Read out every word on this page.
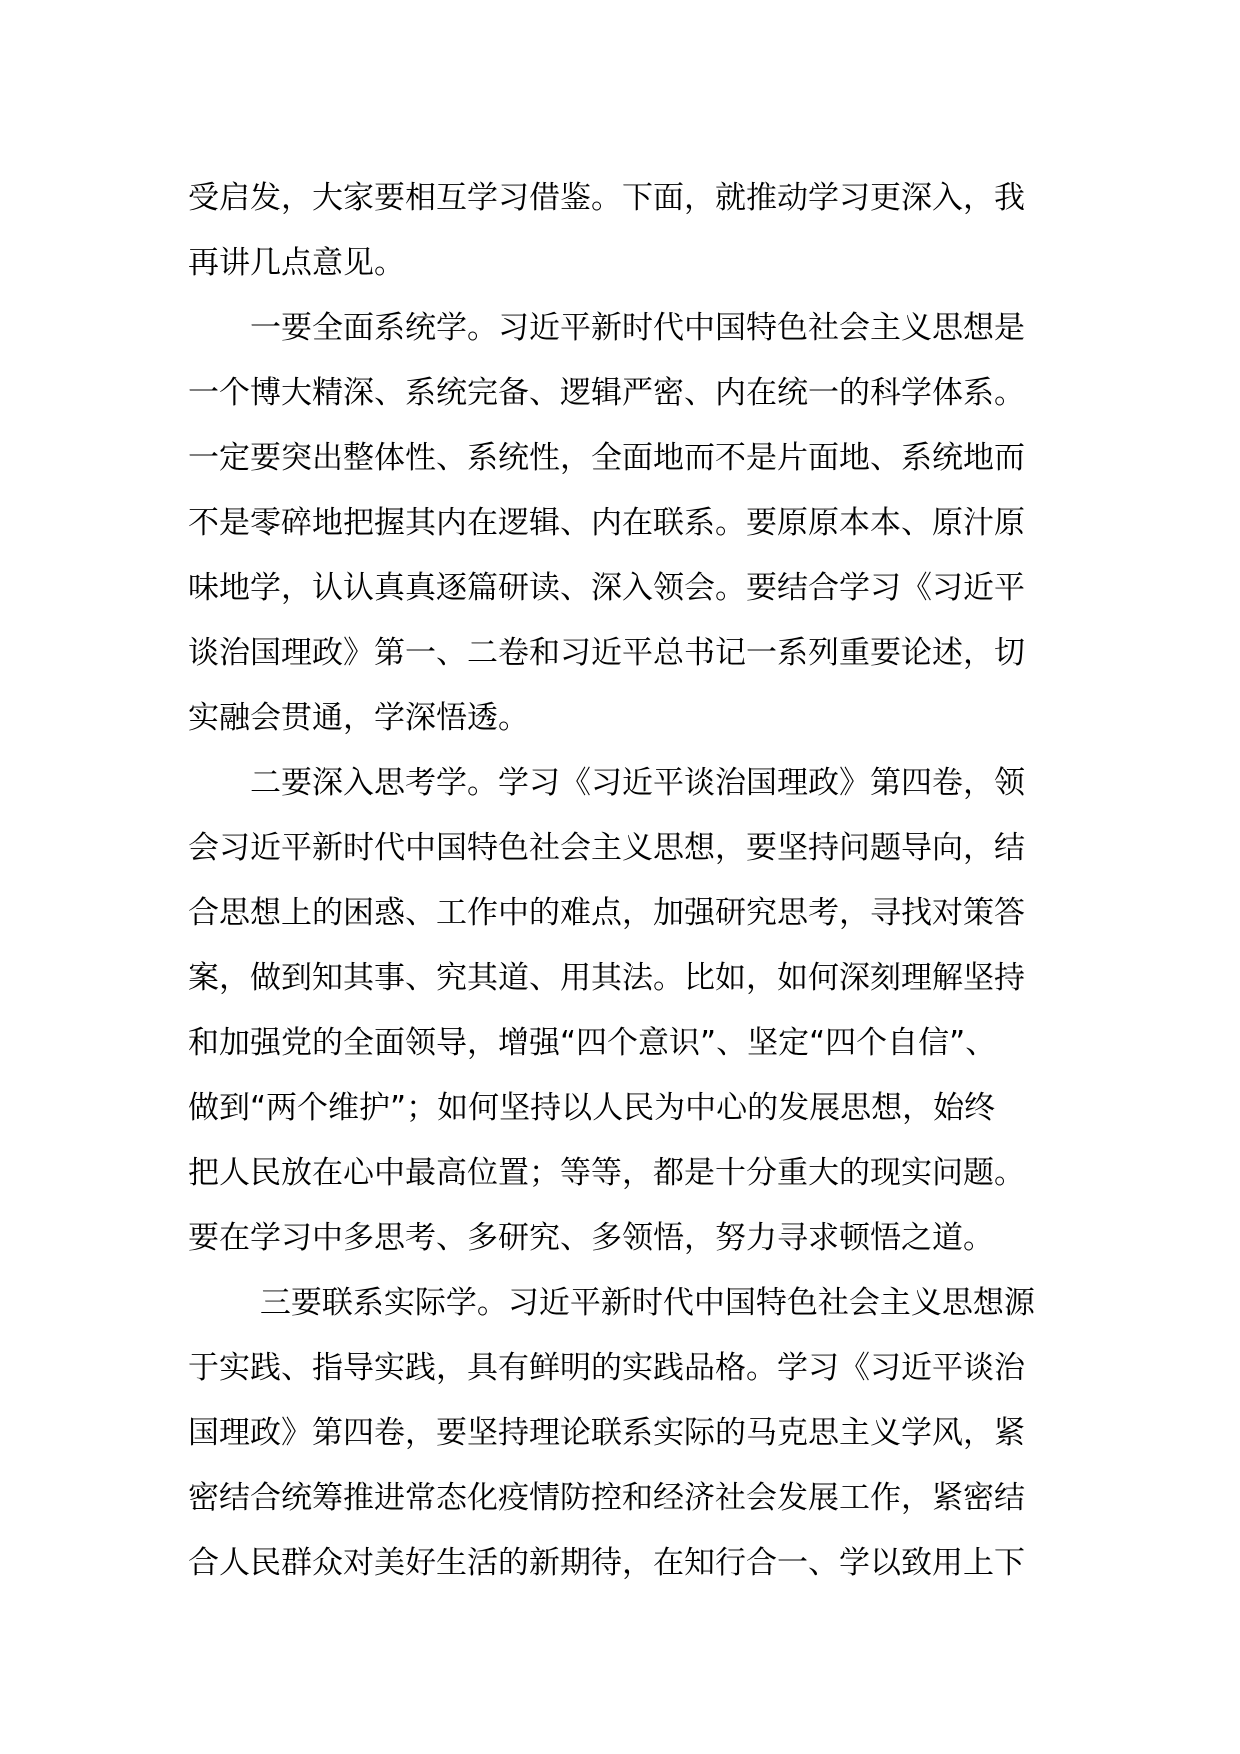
受启发，大家要相互学习借鉴。下面，就推动学习更深入，我
再讲几点意见。

　　一要全面系统学。习近平新时代中国特色社会主义思想是
一个博大精深、系统完备、逻辑严密、内在统一的科学体系。
一定要突出整体性、系统性，全面地而不是片面地、系统地而
不是零碎地把握其内在逻辑、内在联系。要原原本本、原汁原
味地学，认认真真逐篇研读、深入领会。要结合学习《习近平
谈治国理政》第一、二卷和习近平总书记一系列重要论述，切
实融会贯通，学深悟透。

　　二要深入思考学。学习《习近平谈治国理政》第四卷，领
会习近平新时代中国特色社会主义思想，要坚持问题导向，结
合思想上的困惑、工作中的难点，加强研究思考，寻找对策答
案，做到知其事、究其道、用其法。比如，如何深刻理解坚持
和加强党的全面领导，增强“四个意识”、坚定“四个自信”、
做到“两个维护”；如何坚持以人民为中心的发展思想，始终
把人民放在心中最高位置；等等，都是十分重大的现实问题。
要在学习中多思考、多研究、多领悟，努力寻求顿悟之道。

　　 三要联系实际学。习近平新时代中国特色社会主义思想源
于实践、指导实践，具有鲜明的实践品格。学习《习近平谈治
国理政》第四卷，要坚持理论联系实际的马克思主义学风，紧
密结合统筹推进常态化疫情防控和经济社会发展工作，紧密结
合人民群众对美好生活的新期待，在知行合一、学以致用上下
